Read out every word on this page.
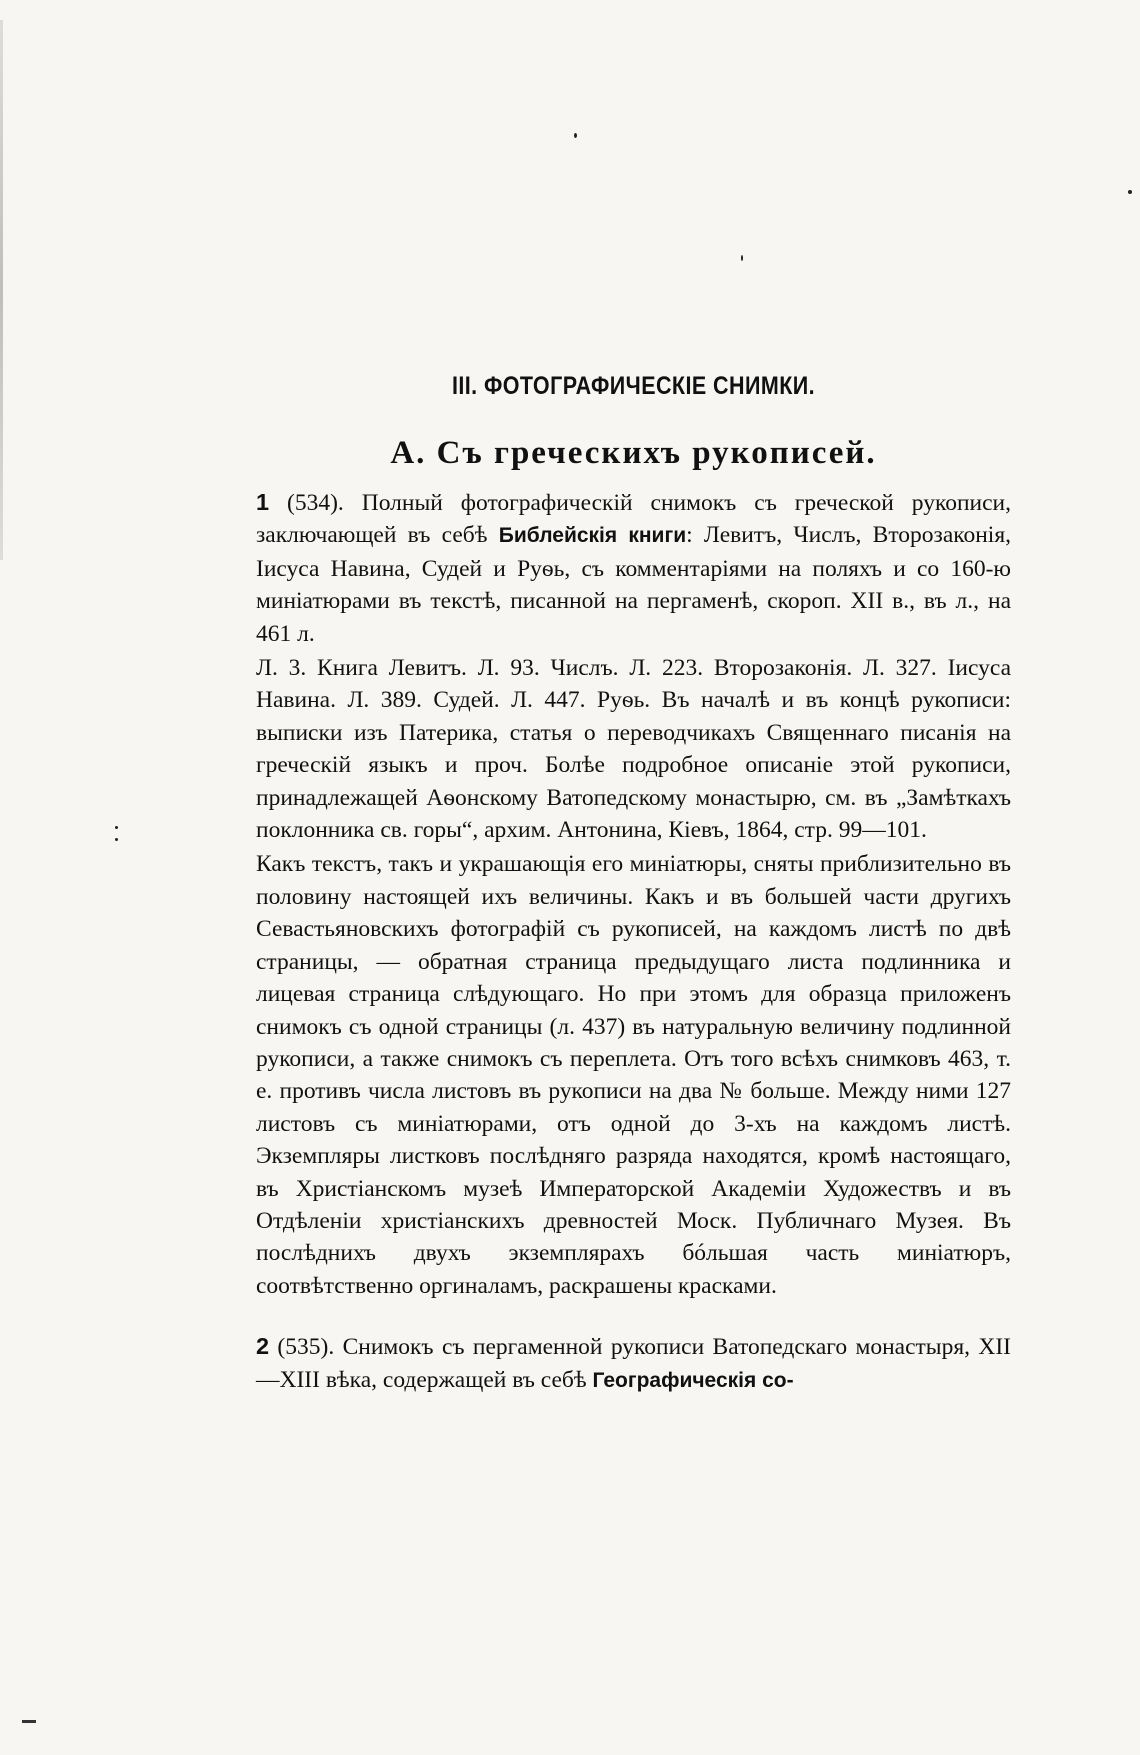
III. ФОТОГРАФИЧЕСКІЕ СНИМКИ.
A. Съ греческихъ рукописей.

1 (534). Полный фотографическій снимокъ съ греческой рукописи, заключающей въ себѣ Библейскія книги: Левитъ, Числъ, Второзаконія, Іисуса Навина, Судей и Руѳь, съ комментаріями на поляхъ и со 160-ю миніатюрами въ текстѣ, писанной на пергаменѣ, скороп. XII в., въ л., на 461 л.

Л. 3. Книга Левитъ. Л. 93. Числъ. Л. 223. Второзаконія. Л. 327. Іисуса Навина. Л. 389. Судей. Л. 447. Руѳь. Въ началѣ и въ концѣ рукописи: выписки изъ Патерика, статья о переводчикахъ Священнаго писанія на греческій языкъ и проч. Болѣе подробное описаніе этой рукописи, принадлежащей Аѳонскому Ватопедскому монастырю, см. въ „Замѣткахъ поклонника св. горы“, архим. Антонина, Кіевъ, 1864, стр. 99—101.

Какъ текстъ, такъ и украшающія его миніатюры, сняты приблизительно въ половину настоящей ихъ величины. Какъ и въ большей части другихъ Севастьяновскихъ фотографій съ рукописей, на каждомъ листѣ по двѣ страницы, — обратная страница предыдущаго листа подлинника и лицевая страница слѣдующаго. Но при этомъ для образца приложенъ снимокъ съ одной страницы (л. 437) въ натуральную величину подлинной рукописи, а также снимокъ съ переплета. Отъ того всѣхъ снимковъ 463, т. е. противъ числа листовъ въ рукописи на два № больше. Между ними 127 листовъ съ миніатюрами, отъ одной до 3-хъ на каждомъ листѣ. Экземпляры листковъ послѣдняго разряда находятся, кромѣ настоящаго, въ Христіанскомъ музеѣ Императорской Академіи Художествъ и въ Отдѣленіи христіанскихъ древностей Моск. Публичнаго Музея. Въ послѣднихъ двухъ экземплярахъ бóльшая часть миніатюръ, соотвѣтственно оргиналамъ, раскрашены красками.

2 (535). Снимокъ съ пергаменной рукописи Ватопедскаго монастыря, XII—XIII вѣка, содержащей въ себѣ Географическія со-
